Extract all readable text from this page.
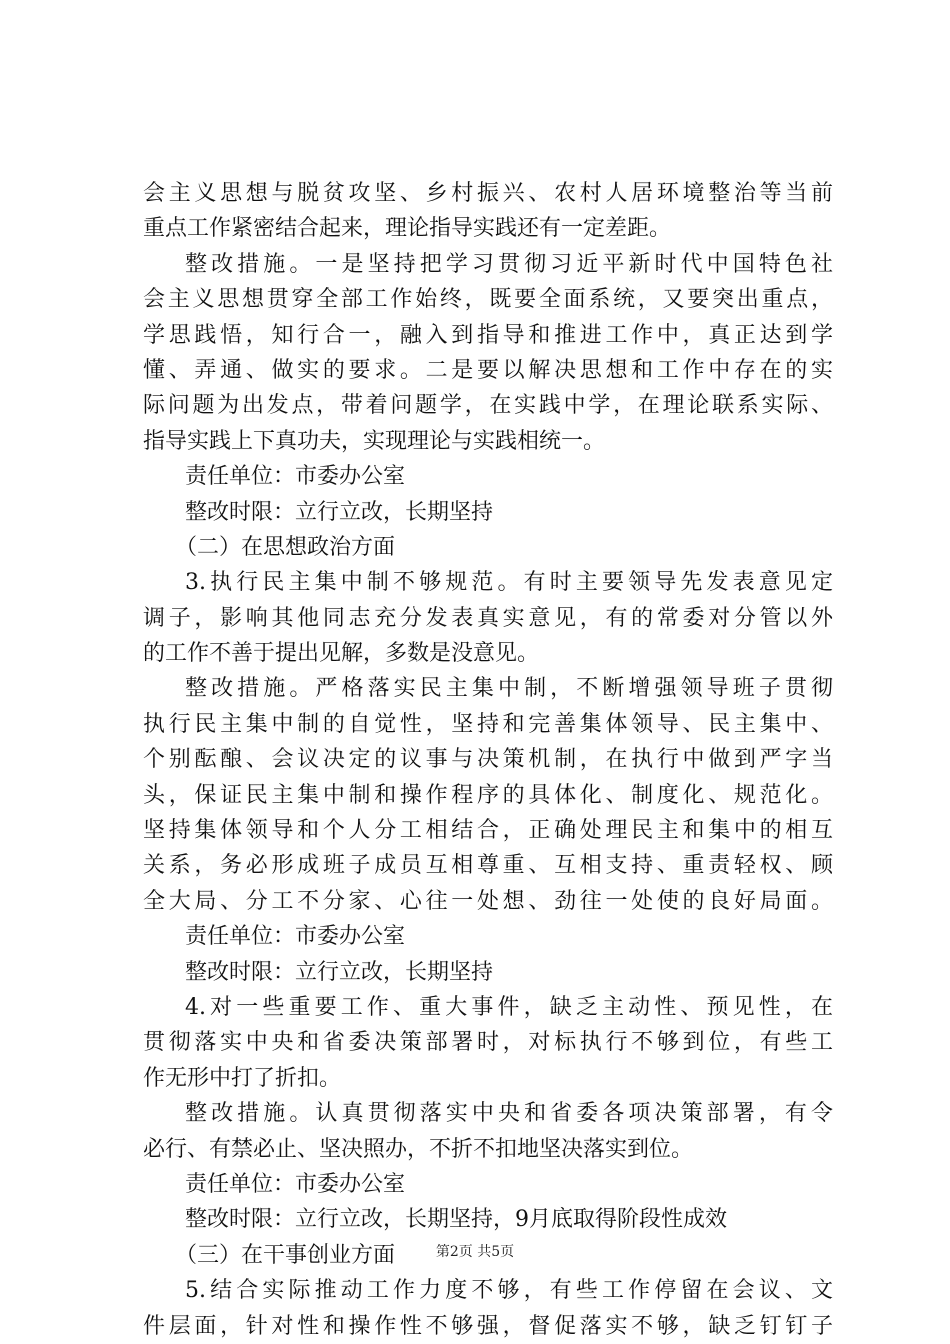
会主义思想与脱贫攻坚、乡村振兴、农村人居环境整治等当前
重点工作紧密结合起来，理论指导实践还有一定差距。
整改措施。一是坚持把学习贯彻习近平新时代中国特色社
会主义思想贯穿全部工作始终，既要全面系统，又要突出重点，
学思践悟，知行合一，融入到指导和推进工作中，真正达到学
懂、弄通、做实的要求。二是要以解决思想和工作中存在的实
际问题为出发点，带着问题学，在实践中学，在理论联系实际、
指导实践上下真功夫，实现理论与实践相统一。
责任单位：市委办公室
整改时限：立行立改，长期坚持
（二）在思想政治方面
3.执行民主集中制不够规范。有时主要领导先发表意见定
调子，影响其他同志充分发表真实意见，有的常委对分管以外
的工作不善于提出见解，多数是没意见。
整改措施。严格落实民主集中制，不断增强领导班子贯彻
执行民主集中制的自觉性，坚持和完善集体领导、民主集中、
个别酝酿、会议决定的议事与决策机制，在执行中做到严字当
头，保证民主集中制和操作程序的具体化、制度化、规范化。
坚持集体领导和个人分工相结合，正确处理民主和集中的相互
关系，务必形成班子成员互相尊重、互相支持、重责轻权、顾
全大局、分工不分家、心往一处想、劲往一处使的良好局面。
责任单位：市委办公室
整改时限：立行立改，长期坚持
4.对一些重要工作、重大事件，缺乏主动性、预见性，在
贯彻落实中央和省委决策部署时，对标执行不够到位，有些工
作无形中打了折扣。
整改措施。认真贯彻落实中央和省委各项决策部署，有令
必行、有禁必止、坚决照办，不折不扣地坚决落实到位。
责任单位：市委办公室
整改时限：立行立改，长期坚持，9月底取得阶段性成效
（三）在干事创业方面
5.结合实际推动工作力度不够，有些工作停留在会议、文
件层面，针对性和操作性不够强，督促落实不够，缺乏钉钉子
第2页 共5页
